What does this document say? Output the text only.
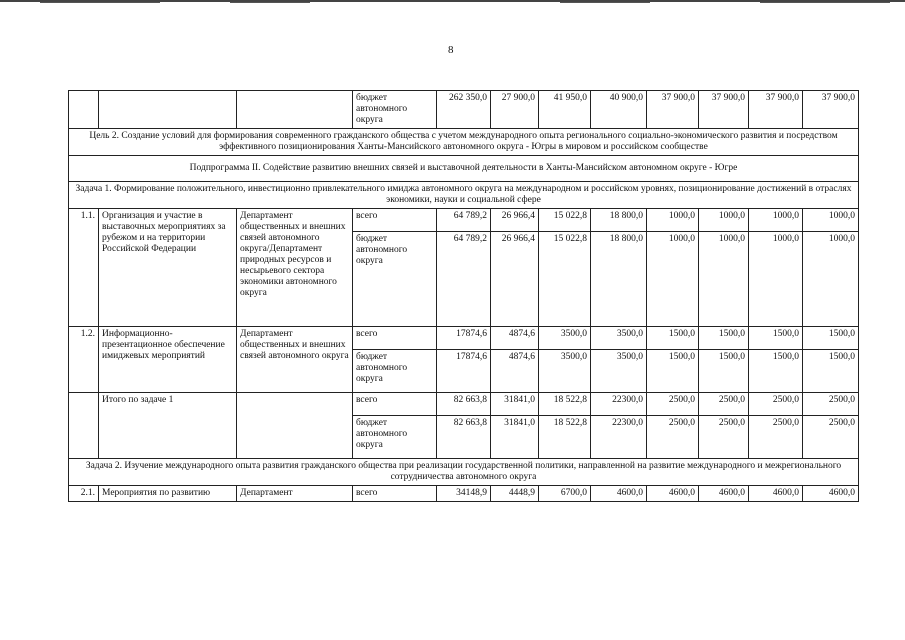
8
			бюджет автономного округа	262 350,0	27 900,0	41 950,0	40 900,0	37 900,0	37 900,0	37 900,0	37 900,0
Цель 2. Создание условий для формирования современного гражданского общества с учетом международного опыта регионального социально-экономического развития и посредством эффективного позиционирования Ханты-Мансийского автономного округа - Югры в мировом и российском сообществе											
Подпрограмма II. Содействие развитию внешних связей и выставочной деятельности в Ханты-Мансийском автономном округе - Югре											
Задача 1. Формирование положительного, инвестиционно привлекательного имиджа автономного округа на международном и российском уровнях, позиционирование достижений в отраслях экономики, науки и социальной сфере											
1.1.	Организация и участие в выставочных мероприятиях за рубежом и на территории Российской Федерации	Департамент общественных и внешних связей автономного округа/Департамент природных ресурсов и несырьевого сектора экономики автономного округа	всего	64 789,2	26 966,4	15 022,8	18 800,0	1000,0	1000,0	1000,0	1000,0
			бюджет автономного округа	64 789,2	26 966,4	15 022,8	18 800,0	1000,0	1000,0	1000,0	1000,0
1.2.	Информационно-презентационное обеспечение имиджевых мероприятий	Департамент общественных и внешних связей автономного округа	всего	17874,6	4874,6	3500,0	3500,0	1500,0	1500,0	1500,0	1500,0
			бюджет автономного округа	17874,6	4874,6	3500,0	3500,0	1500,0	1500,0	1500,0	1500,0
	Итого по задаче 1		всего	82 663,8	31841,0	18 522,8	22300,0	2500,0	2500,0	2500,0	2500,0
			бюджет автономного округа	82 663,8	31841,0	18 522,8	22300,0	2500,0	2500,0	2500,0	2500,0
Задача 2. Изучение международного опыта развития гражданского общества при реализации государственной политики, направленной на развитие международного и межрегионального сотрудничества автономного округа											
2.1.	Мероприятия по развитию	Департамент	всего	34148,9	4448,9	6700,0	4600,0	4600,0	4600,0	4600,0	4600,0
